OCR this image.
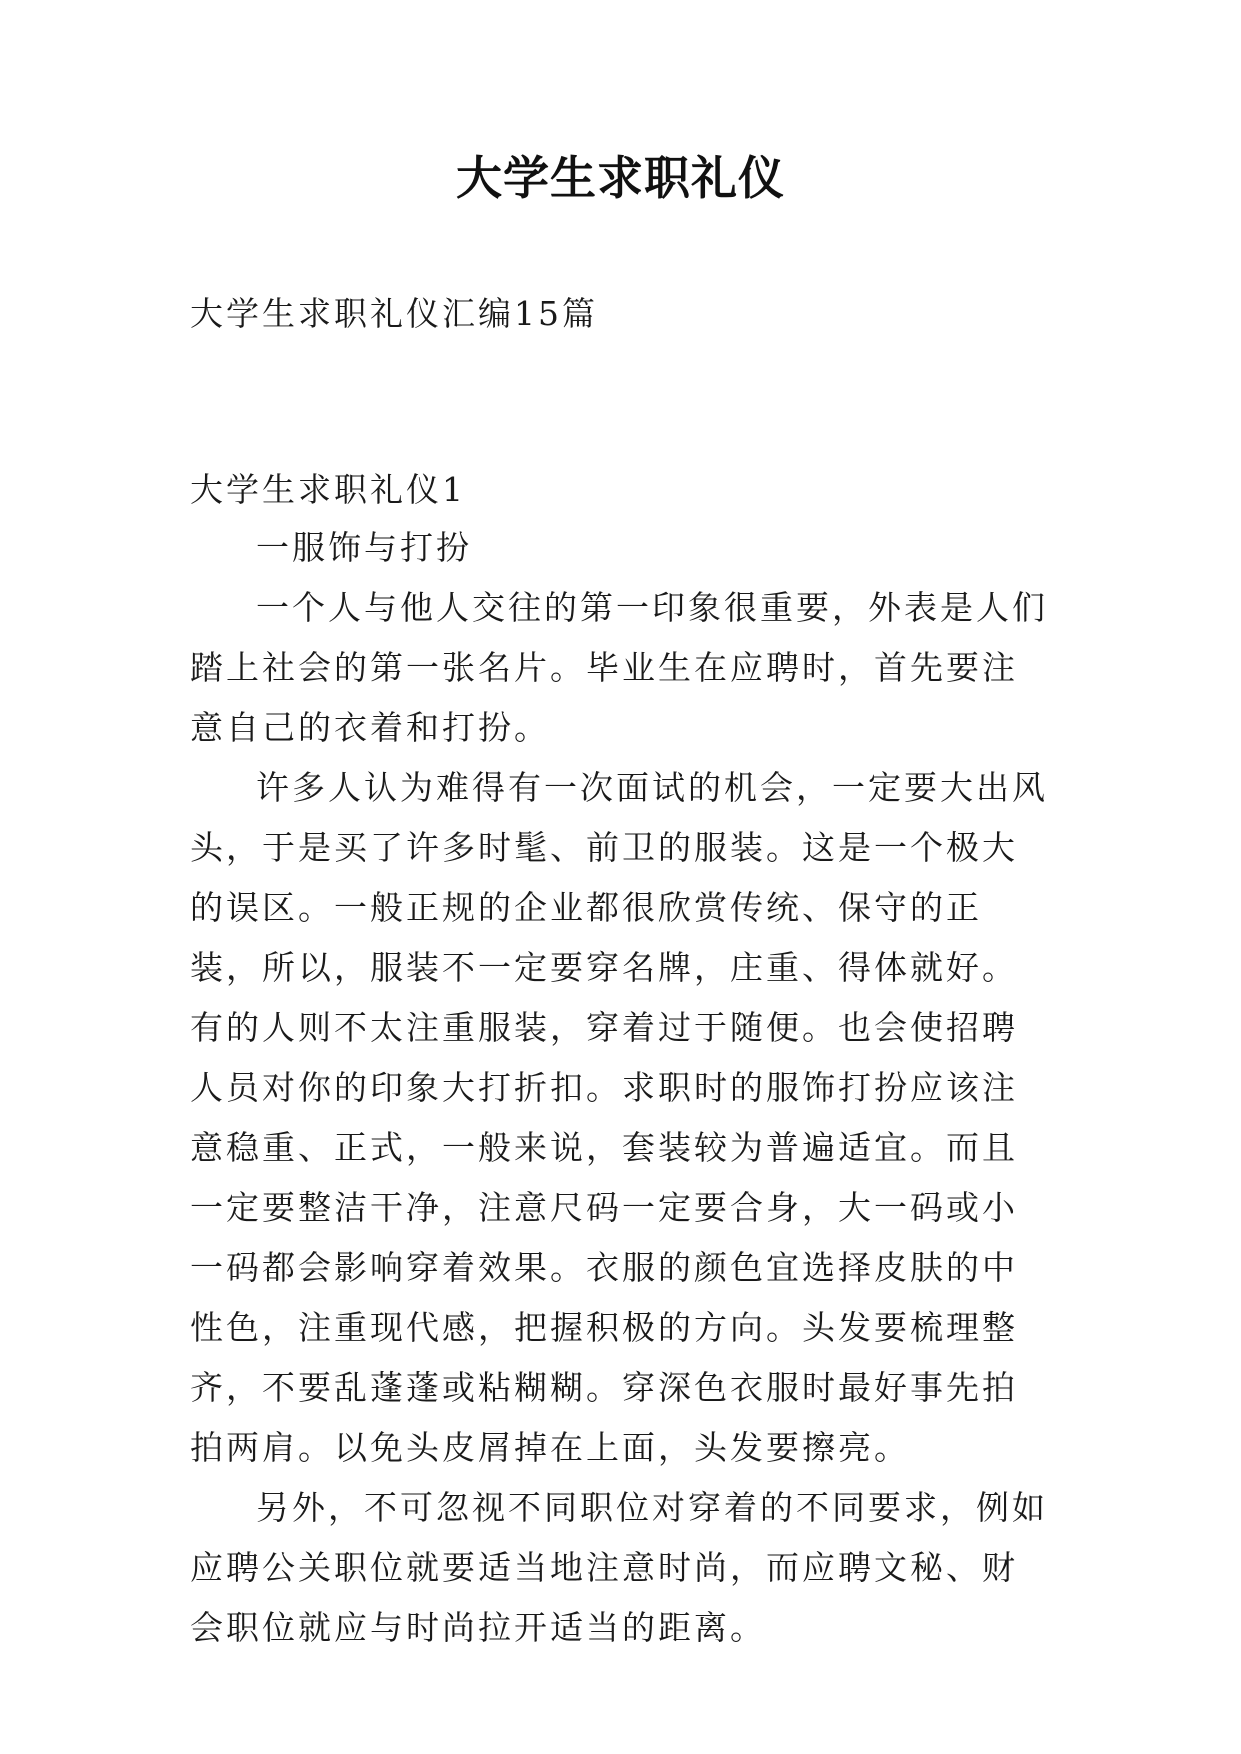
大学生求职礼仪

大学生求职礼仪汇编15篇

大学生求职礼仪1

一服饰与打扮

一个人与他人交往的第一印象很重要，外表是人们踏上社会的第一张名片。毕业生在应聘时，首先要注意自己的衣着和打扮。

许多人认为难得有一次面试的机会，一定要大出风头，于是买了许多时髦、前卫的服装。这是一个极大的误区。一般正规的企业都很欣赏传统、保守的正装，所以，服装不一定要穿名牌，庄重、得体就好。有的人则不太注重服装，穿着过于随便。也会使招聘人员对你的印象大打折扣。求职时的服饰打扮应该注意稳重、正式，一般来说，套装较为普遍适宜。而且一定要整洁干净，注意尺码一定要合身，大一码或小一码都会影响穿着效果。衣服的颜色宜选择皮肤的中性色，注重现代感，把握积极的方向。头发要梳理整齐，不要乱蓬蓬或粘糊糊。穿深色衣服时最好事先拍拍两肩。以免头皮屑掉在上面，头发要擦亮。

另外，不可忽视不同职位对穿着的不同要求，例如应聘公关职位就要适当地注意时尚，而应聘文秘、财会职位就应与时尚拉开适当的距离。
